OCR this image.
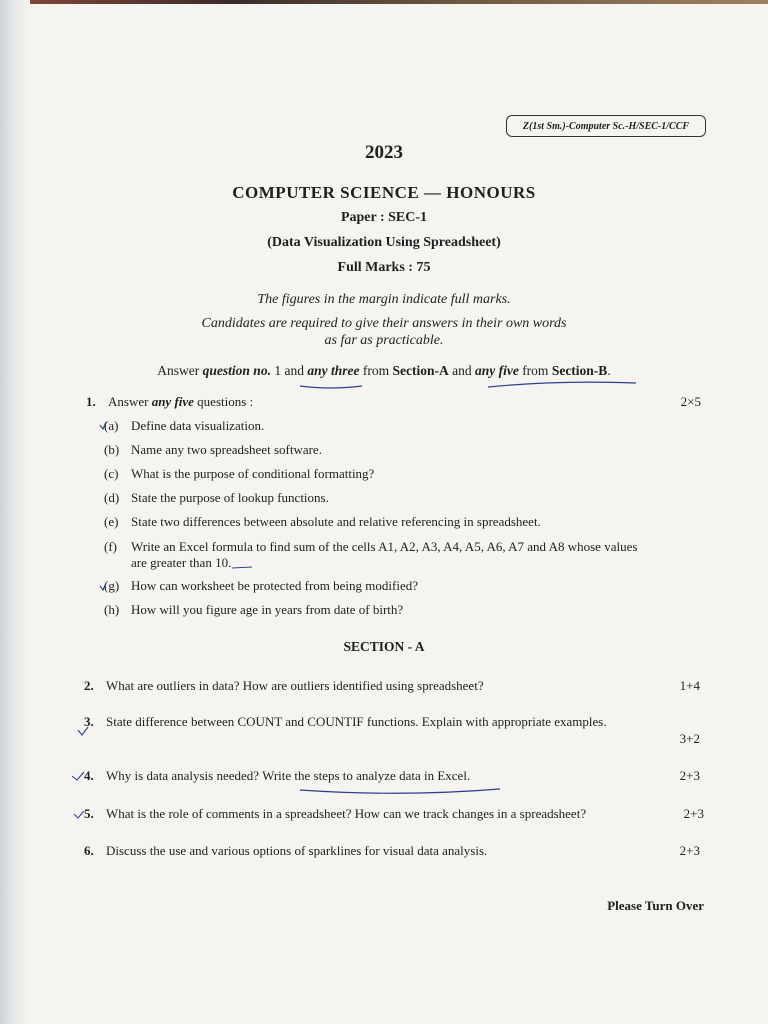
Z(1st Sm.)-Computer Sc.-H/SEC-1/CCF
2023
COMPUTER SCIENCE — HONOURS
Paper : SEC-1
(Data Visualization Using Spreadsheet)
Full Marks : 75
The figures in the margin indicate full marks.
Candidates are required to give their answers in their own words
as far as practicable.
Answer question no. 1 and any three from Section-A and any five from Section-B.
1. Answer any five questions :	2×5
(a) Define data visualization.
(b) Name any two spreadsheet software.
(c) What is the purpose of conditional formatting?
(d) State the purpose of lookup functions.
(e) State two differences between absolute and relative referencing in spreadsheet.
(f) Write an Excel formula to find sum of the cells A1, A2, A3, A4, A5, A6, A7 and A8 whose values
are greater than 10.
(g) How can worksheet be protected from being modified?
(h) How will you figure age in years from date of birth?
SECTION - A
2. What are outliers in data? How are outliers identified using spreadsheet?	1+4
3. State difference between COUNT and COUNTIF functions. Explain with appropriate examples.
3+2
4. Why is data analysis needed? Write the steps to analyze data in Excel.	2+3
5. What is the role of comments in a spreadsheet? How can we track changes in a spreadsheet?	2+3
6. Discuss the use and various options of sparklines for visual data analysis.	2+3
Please Turn Over
